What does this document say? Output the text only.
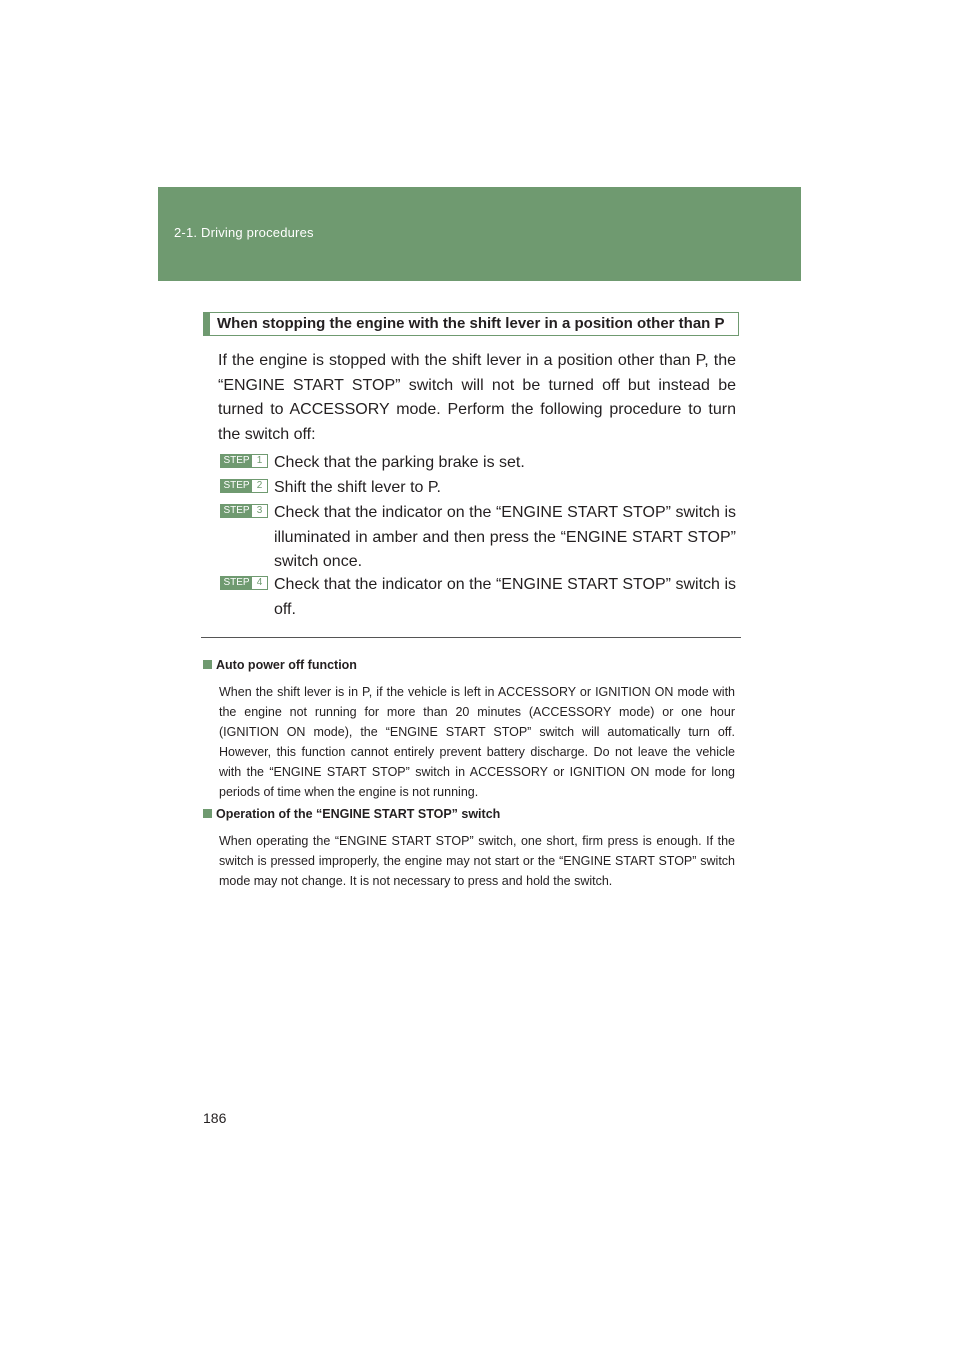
2-1. Driving procedures
When stopping the engine with the shift lever in a position other than P
If the engine is stopped with the shift lever in a position other than P, the “ENGINE START STOP” switch will not be turned off but instead be turned to ACCESSORY mode. Perform the following procedure to turn the switch off:
STEP 1 Check that the parking brake is set.
STEP 2 Shift the shift lever to P.
STEP 3 Check that the indicator on the “ENGINE START STOP” switch is illuminated in amber and then press the “ENGINE START STOP” switch once.
STEP 4 Check that the indicator on the “ENGINE START STOP” switch is off.
Auto power off function
When the shift lever is in P, if the vehicle is left in ACCESSORY or IGNITION ON mode with the engine not running for more than 20 minutes (ACCESSORY mode) or one hour (IGNITION ON mode), the “ENGINE START STOP” switch will automatically turn off. However, this function cannot entirely prevent battery discharge. Do not leave the vehicle with the “ENGINE START STOP” switch in ACCESSORY or IGNITION ON mode for long periods of time when the engine is not running.
Operation of the “ENGINE START STOP” switch
When operating the “ENGINE START STOP” switch, one short, firm press is enough. If the switch is pressed improperly, the engine may not start or the “ENGINE START STOP” switch mode may not change. It is not necessary to press and hold the switch.
186
